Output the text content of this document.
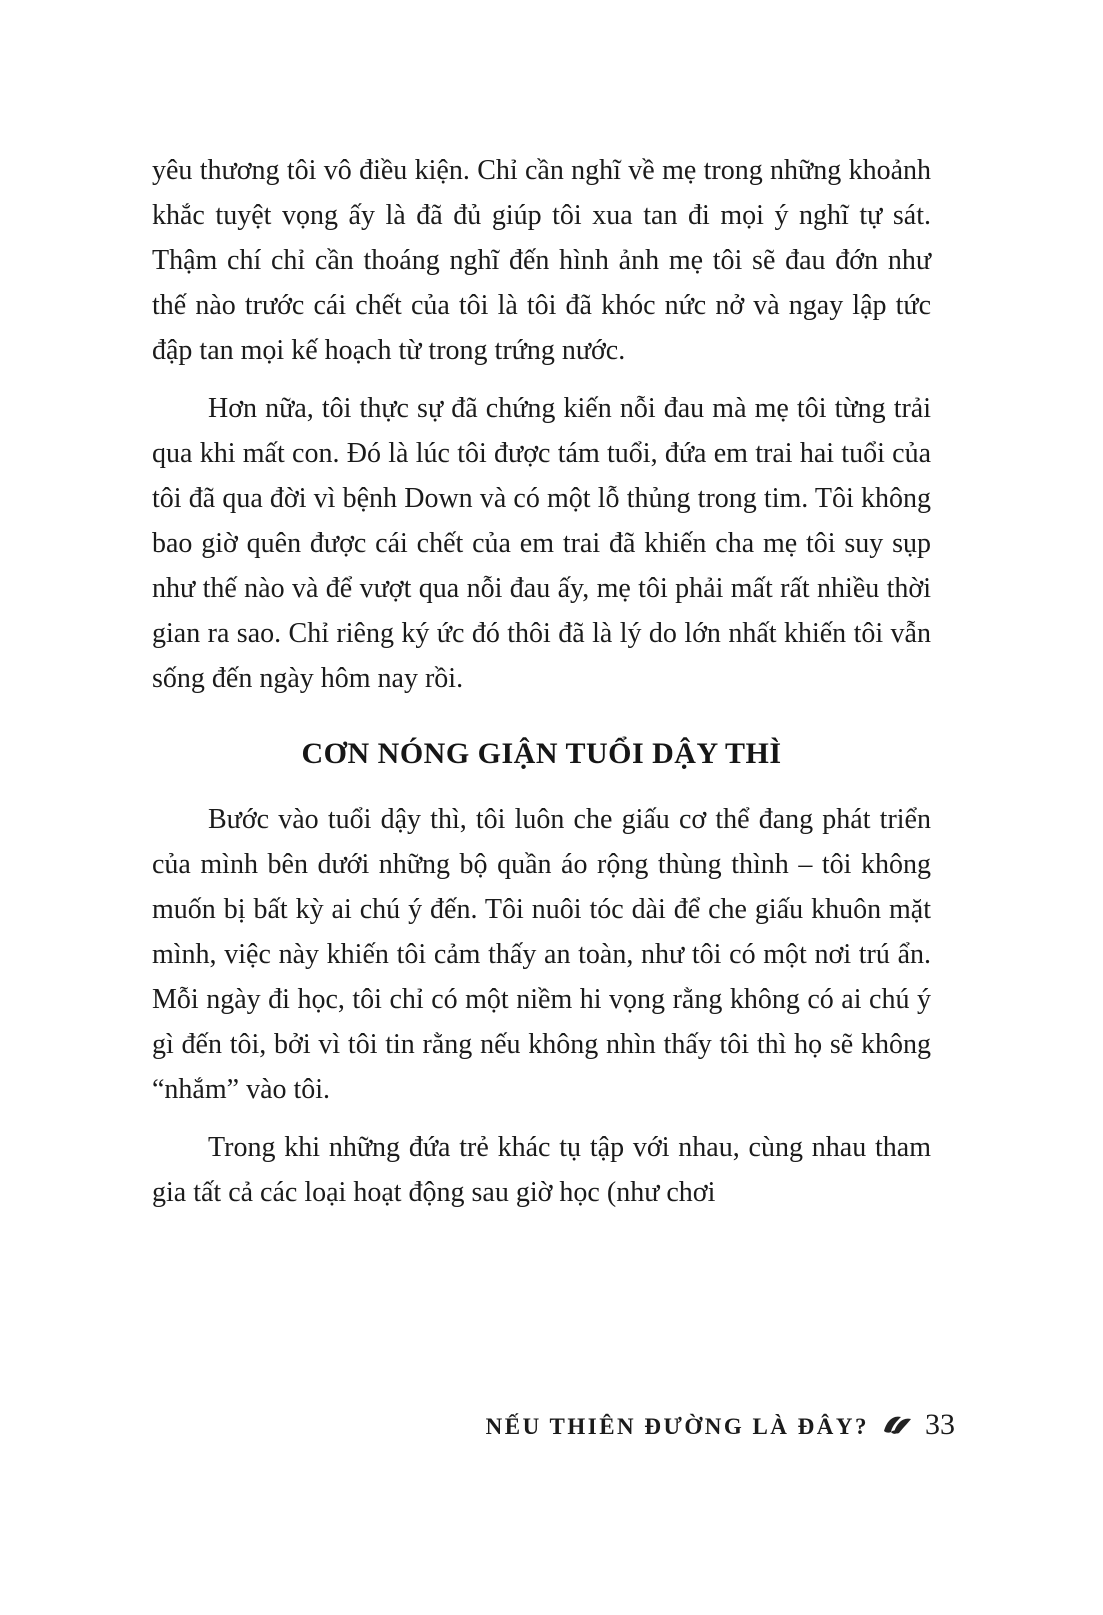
yêu thương tôi vô điều kiện. Chỉ cần nghĩ về mẹ trong những khoảnh khắc tuyệt vọng ấy là đã đủ giúp tôi xua tan đi mọi ý nghĩ tự sát. Thậm chí chỉ cần thoáng nghĩ đến hình ảnh mẹ tôi sẽ đau đớn như thế nào trước cái chết của tôi là tôi đã khóc nức nở và ngay lập tức đập tan mọi kế hoạch từ trong trứng nước.

Hơn nữa, tôi thực sự đã chứng kiến nỗi đau mà mẹ tôi từng trải qua khi mất con. Đó là lúc tôi được tám tuổi, đứa em trai hai tuổi của tôi đã qua đời vì bệnh Down và có một lỗ thủng trong tim. Tôi không bao giờ quên được cái chết của em trai đã khiến cha mẹ tôi suy sụp như thế nào và để vượt qua nỗi đau ấy, mẹ tôi phải mất rất nhiều thời gian ra sao. Chỉ riêng ký ức đó thôi đã là lý do lớn nhất khiến tôi vẫn sống đến ngày hôm nay rồi.

CƠN NÓNG GIẬN TUỔI DẬY THÌ

Bước vào tuổi dậy thì, tôi luôn che giấu cơ thể đang phát triển của mình bên dưới những bộ quần áo rộng thùng thình – tôi không muốn bị bất kỳ ai chú ý đến. Tôi nuôi tóc dài để che giấu khuôn mặt mình, việc này khiến tôi cảm thấy an toàn, như tôi có một nơi trú ẩn. Mỗi ngày đi học, tôi chỉ có một niềm hi vọng rằng không có ai chú ý gì đến tôi, bởi vì tôi tin rằng nếu không nhìn thấy tôi thì họ sẽ không “nhắm” vào tôi.

Trong khi những đứa trẻ khác tụ tập với nhau, cùng nhau tham gia tất cả các loại hoạt động sau giờ học (như chơi

NẾU THIÊN ĐƯỜNG LÀ ĐÂY? 33
